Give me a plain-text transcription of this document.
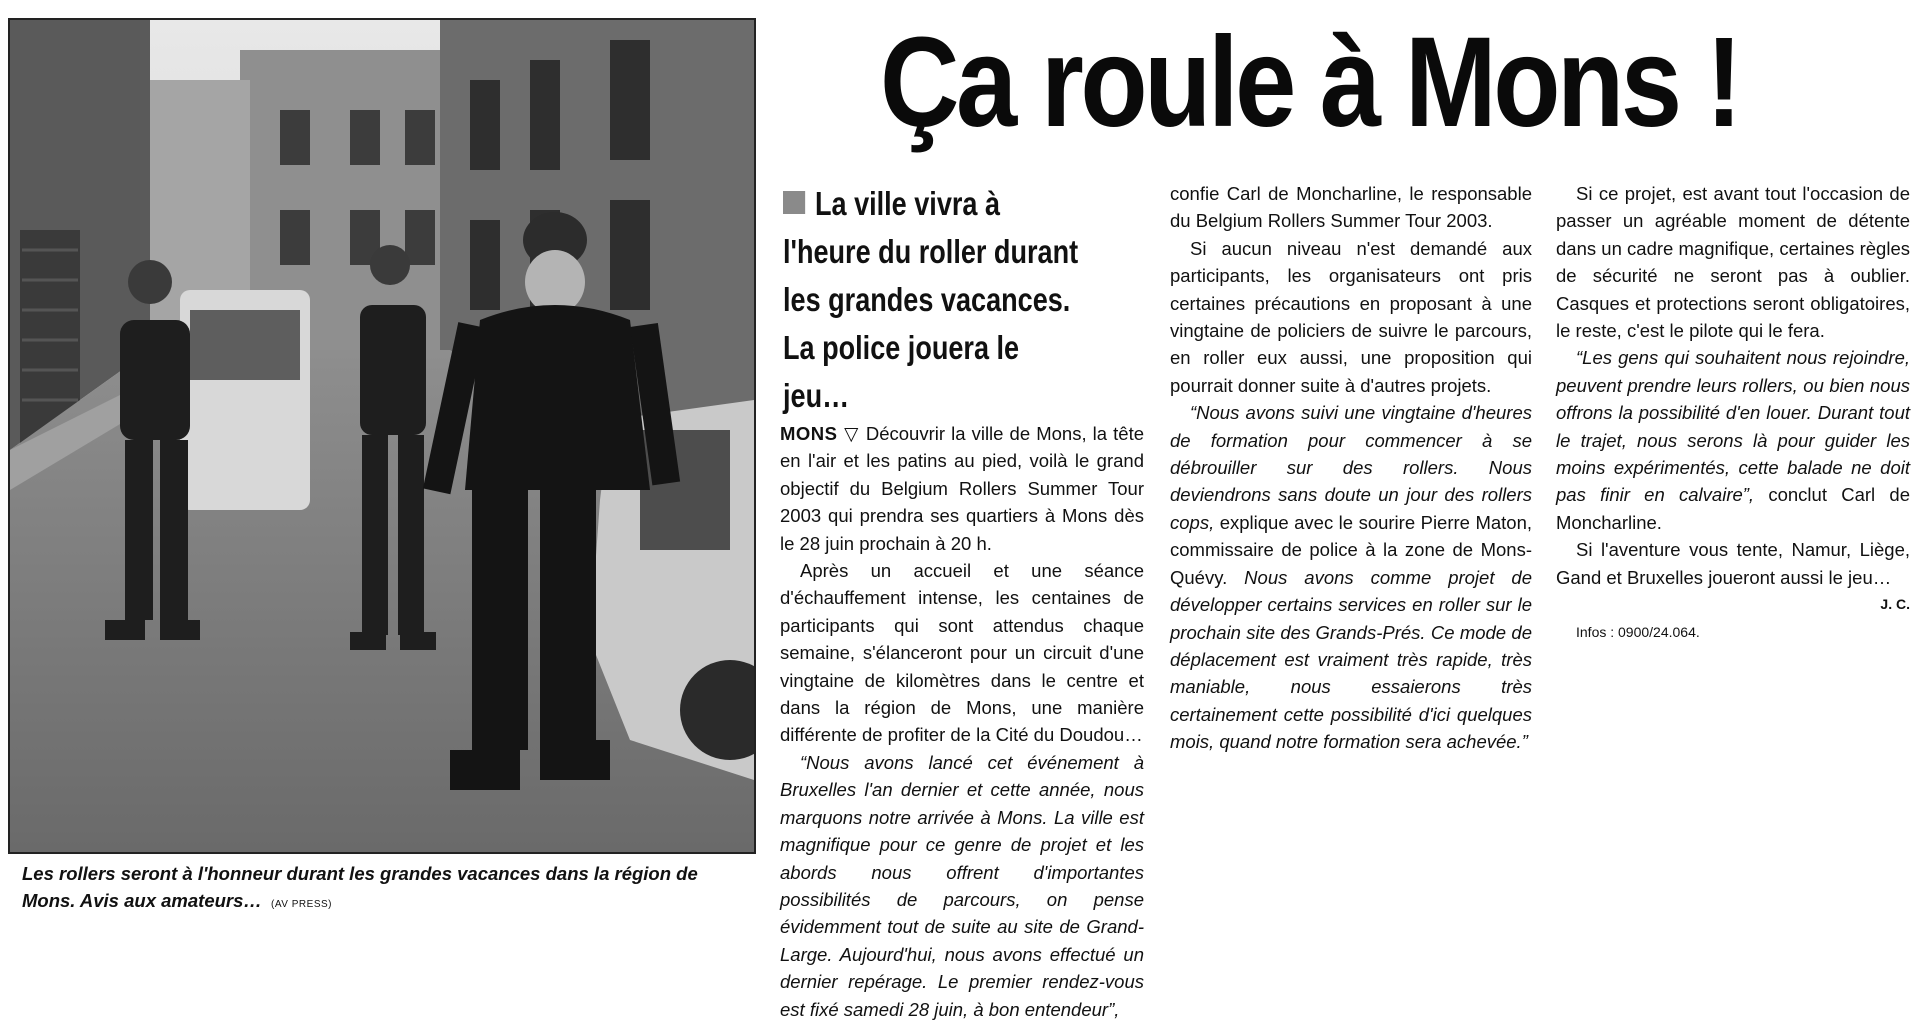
Les rollers seront à l'honneur durant les grandes vacances dans la région de Mons. Avis aux amateurs… (AV PRESS)
Ça roule à Mons !
La ville vivra à l'heure du roller durant les grandes vacances. La police jouera le jeu…

MONS ▽ Découvrir la ville de Mons, la tête en l'air et les patins au pied, voilà le grand objectif du Belgium Rollers Summer Tour 2003 qui prendra ses quartiers à Mons dès le 28 juin prochain à 20 h.

Après un accueil et une séance d'échauffement intense, les centaines de participants qui sont attendus chaque semaine, s'élanceront pour un circuit d'une vingtaine de kilomètres dans le centre et dans la région de Mons, une manière différente de profiter de la Cité du Doudou…

“Nous avons lancé cet événement à Bruxelles l'an dernier et cette année, nous marquons notre arrivée à Mons. La ville est magnifique pour ce genre de projet et les abords nous offrent d'importantes possibilités de parcours, on pense évidemment tout de suite au site de Grand-Large. Aujourd'hui, nous avons effectué un dernier repérage. Le premier rendez-vous est fixé samedi 28 juin, à bon entendeur”,

confie Carl de Moncharline, le responsable du Belgium Rollers Summer Tour 2003.

Si aucun niveau n'est demandé aux participants, les organisateurs ont pris certaines précautions en proposant à une vingtaine de policiers de suivre le parcours, en roller eux aussi, une proposition qui pourrait donner suite à d'autres projets.

“Nous avons suivi une vingtaine d'heures de formation pour commencer à se débrouiller sur des rollers. Nous deviendrons sans doute un jour des rollers cops, explique avec le sourire Pierre Maton, commissaire de police à la zone de Mons-Quévy. Nous avons comme projet de développer certains services en roller sur le prochain site des Grands-Prés. Ce mode de déplacement est vraiment très rapide, très maniable, nous essaierons très certainement cette possibilité d'ici quelques mois, quand notre formation sera achevée.”

Si ce projet, est avant tout l'occasion de passer un agréable moment de détente dans un cadre magnifique, certaines règles de sécurité ne seront pas à oublier. Casques et protections seront obligatoires, le reste, c'est le pilote qui le fera.

“Les gens qui souhaitent nous rejoindre, peuvent prendre leurs rollers, ou bien nous offrons la possibilité d'en louer. Durant tout le trajet, nous serons là pour guider les moins expérimentés, cette balade ne doit pas finir en calvaire”, conclut Carl de Moncharline.

Si l'aventure vous tente, Namur, Liège, Gand et Bruxelles joueront aussi le jeu…

J. C.

Infos : 0900/24.064.
